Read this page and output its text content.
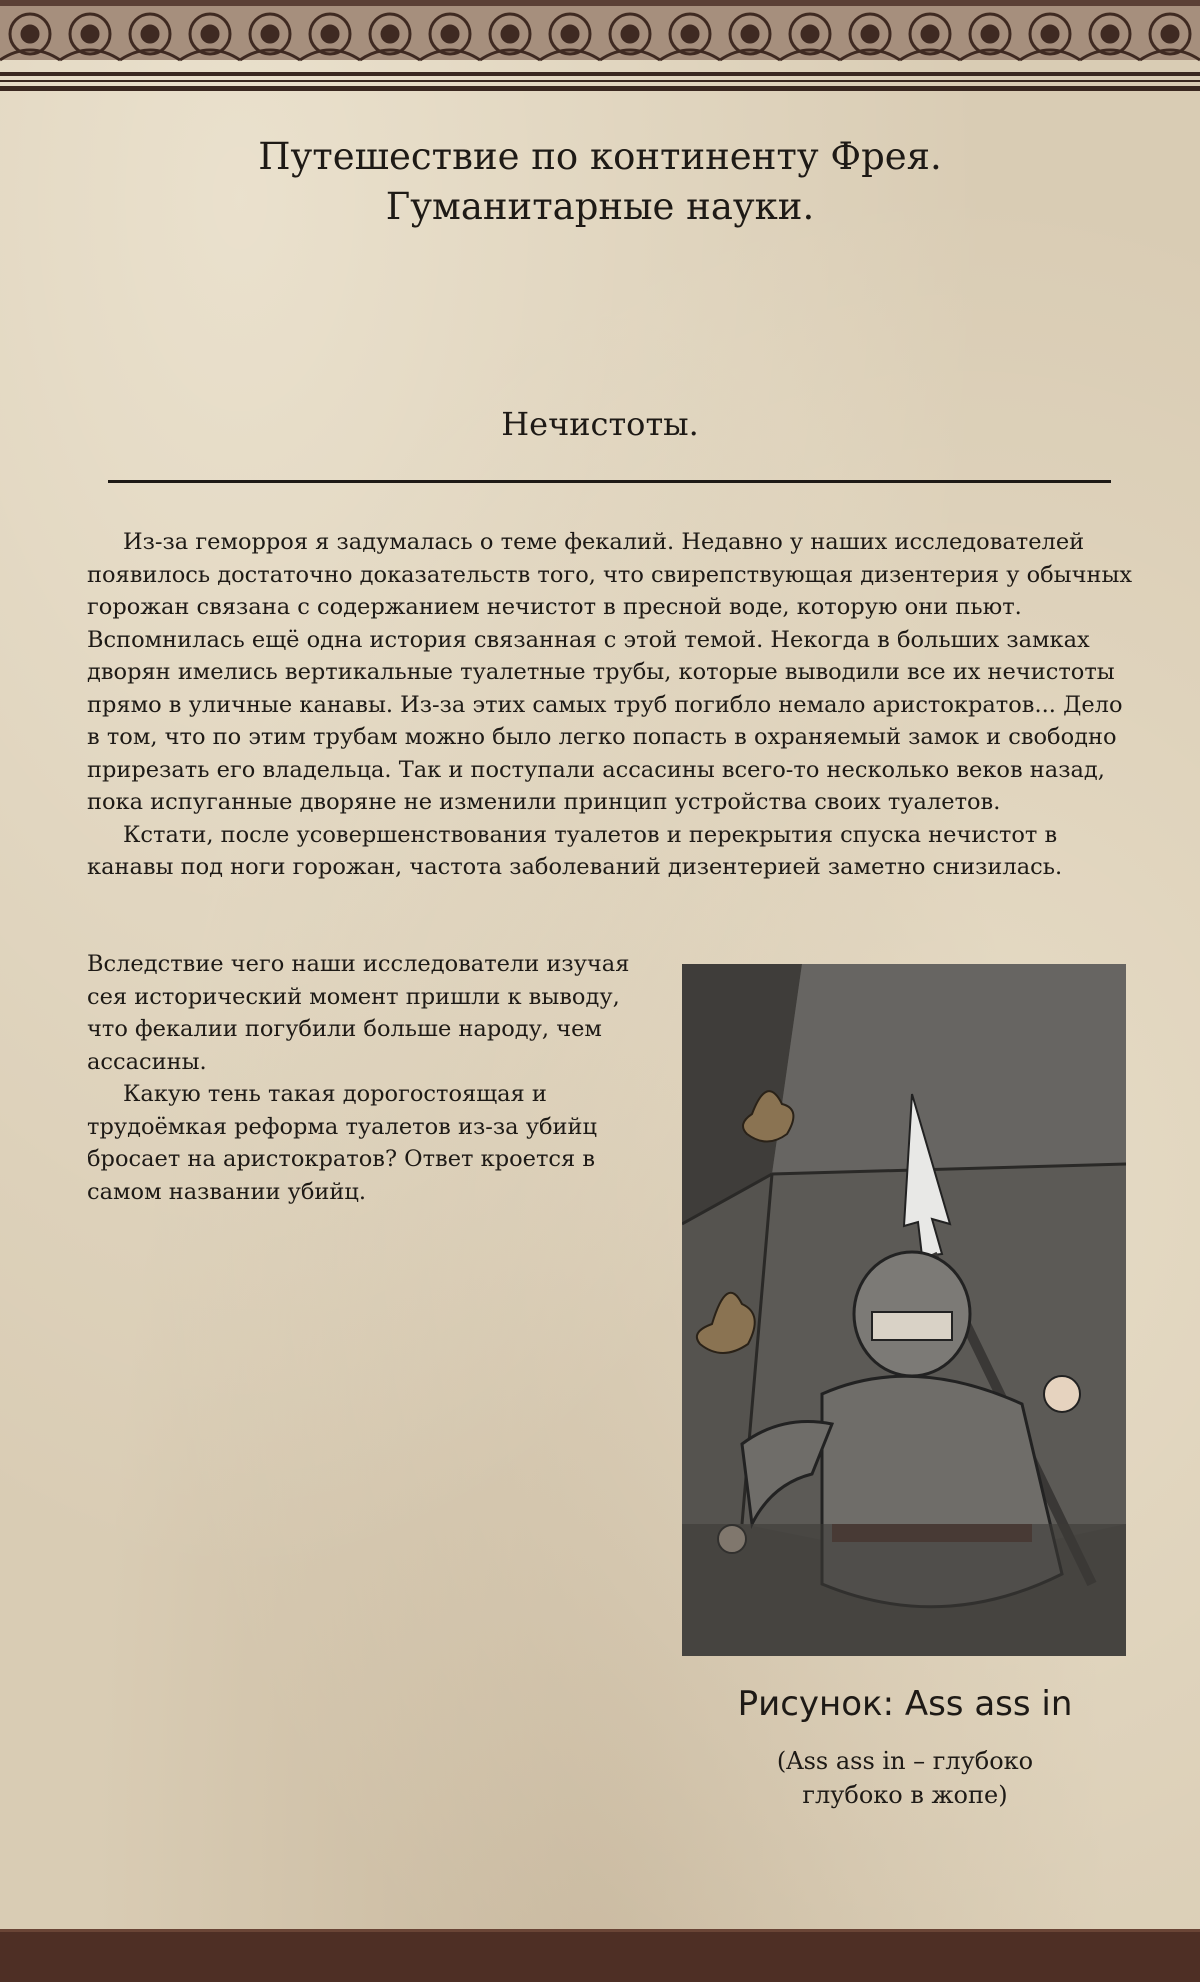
Путешествие по континенту Фрея.
Гуманитарные науки.
Нечистоты.

Из-за геморроя я задумалась о теме фекалий. Недавно у наших исследователей появилось достаточно доказательств того, что свирепствующая дизентерия у обычных горожан связана с содержанием нечистот в пресной воде, которую они пьют.

Вспомнилась ещё одна история связанная с этой темой. Некогда в больших замках дворян имелись вертикальные туалетные трубы, которые выводили все их нечистоты прямо в уличные канавы. Из-за этих самых труб погибло немало аристократов... Дело в том, что по этим трубам можно было легко попасть в охраняемый замок и свободно прирезать его владельца. Так и поступали ассасины всего-то несколько веков назад, пока испуганные дворяне не изменили принцип устройства своих туалетов.

Кстати, после усовершенствования туалетов и перекрытия спуска нечистот в канавы под ноги горожан, частота заболеваний дизентерией заметно снизилась.

Вследствие чего наши исследователи изучая сея исторический момент пришли к выводу, что фекалии погубили больше народу, чем ассасины.

Какую тень такая дорогостоящая и трудоёмкая реформа туалетов из-за убийц бросает на аристократов? Ответ кроется в самом названии убийц.

Рисунок: Ass ass in
(Ass ass in – глубоко глубоко в жопе)
